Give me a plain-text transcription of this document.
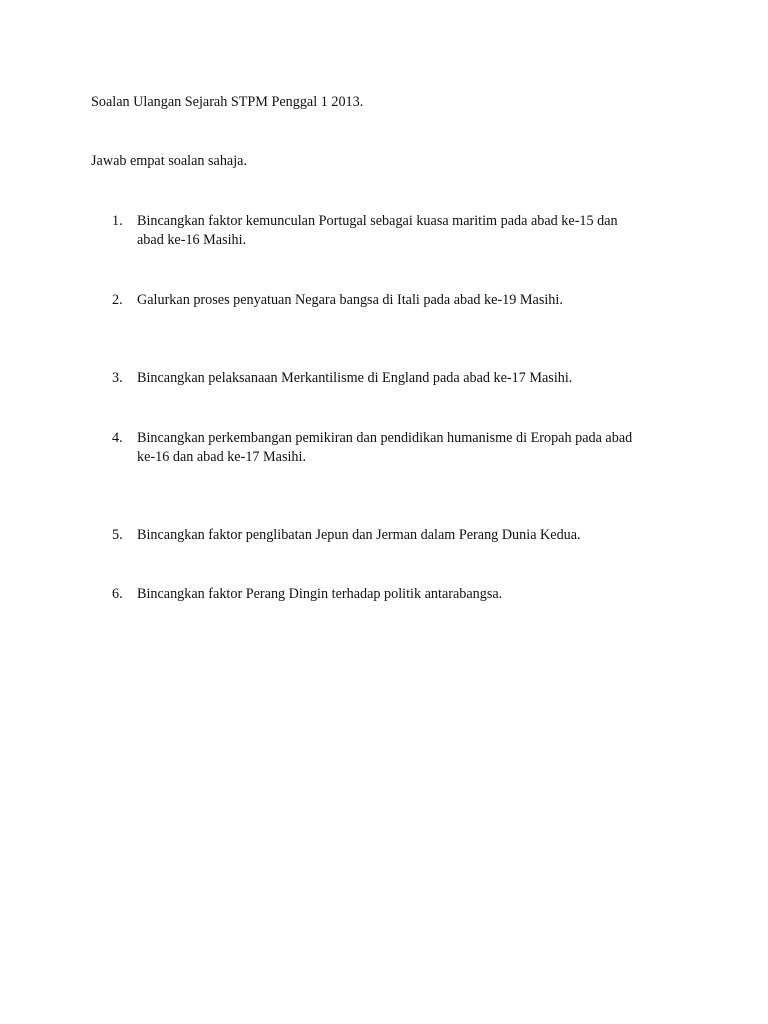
Soalan Ulangan Sejarah STPM Penggal 1 2013.
Jawab empat soalan sahaja.
1. Bincangkan faktor kemunculan Portugal sebagai kuasa maritim pada abad ke-15 dan
abad ke-16 Masihi.
2. Galurkan proses penyatuan Negara bangsa di Itali pada abad ke-19 Masihi.
3. Bincangkan pelaksanaan Merkantilisme di England pada abad ke-17 Masihi.
4. Bincangkan perkembangan pemikiran dan pendidikan humanisme di Eropah pada abad
ke-16 dan abad ke-17 Masihi.
5. Bincangkan faktor penglibatan Jepun dan Jerman dalam Perang Dunia Kedua.
6. Bincangkan faktor Perang Dingin terhadap politik antarabangsa.
